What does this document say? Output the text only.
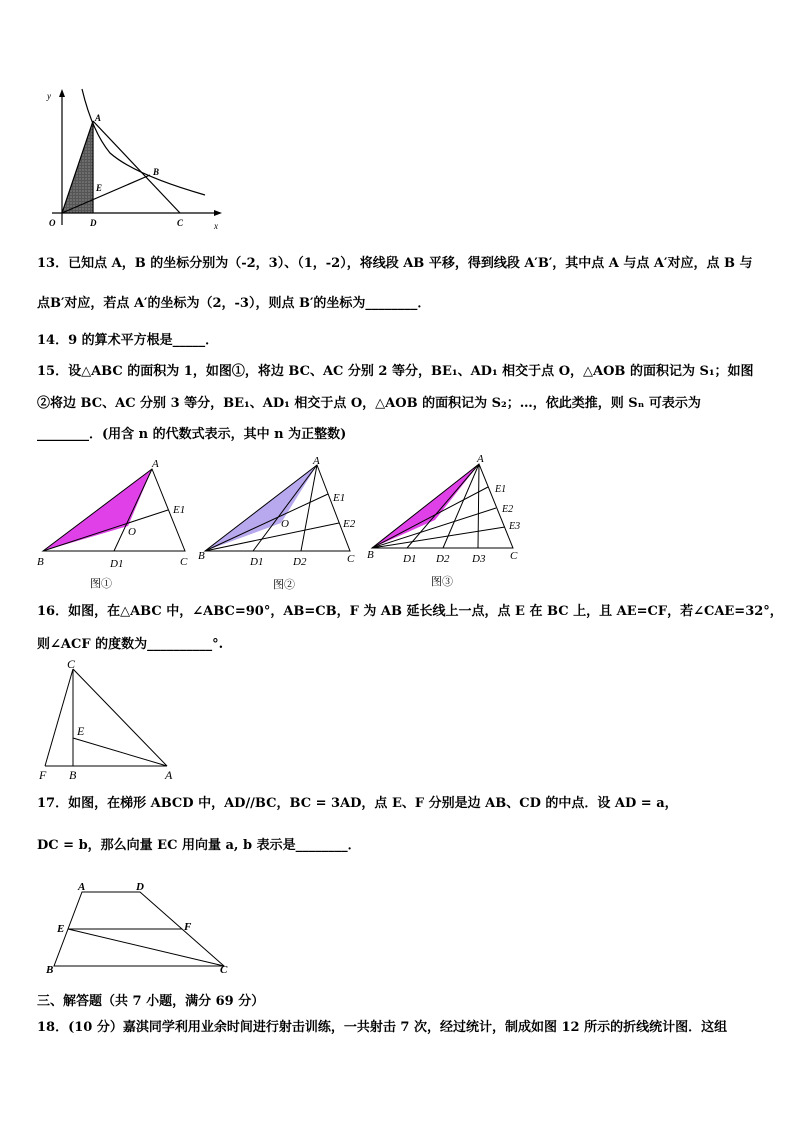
y
x
A
B
E
O	D	C
13．已知点 A，B 的坐标分别为（-2，3）、（1，-2），将线段 AB 平移，得到线段 A′B′，其中点 A 与点 A′对应，点 B 与
点B′对应，若点 A′的坐标为（2，-3），则点 B′的坐标为________．
14．9 的算术平方根是_____．
15．设△ABC 的面积为 1，如图①，将边 BC、AC 分别 2 等分，BE₁、AD₁ 相交于点 O，△AOB 的面积记为 S₁；如图
②将边 BC、AC 分别 3 等分，BE₁、AD₁ 相交于点 O，△AOB 的面积记为 S₂；…，依此类推，则 Sₙ 可表示为
________．(用含 n 的代数式表示，其中 n 为正整数)
A
B	C
E1
D1
O
图①
A
B	C
E1
E2
D1	D2
O
图②
A
B	C
E1
E2
E3
D1 D2 D3
图③
16．如图，在△ABC 中，∠ABC=90°，AB=CB，F 为 AB 延长线上一点，点 E 在 BC 上，且 AE=CF，若∠CAE=32°，
则∠ACF 的度数为__________°.
C
E
F B	A
17．如图，在梯形 ABCD 中，AD//BC，BC = 3AD，点 E、F 分别是边 AB、CD 的中点．设 AD = a，
DC = b，那么向量 EC 用向量 a, b 表示是________．
A	D
E	F
B	C
三、解答题（共 7 小题，满分 69 分）
18．(10 分）嘉淇同学利用业余时间进行射击训练，一共射击 7 次，经过统计，制成如图 12 所示的折线统计图．这组
